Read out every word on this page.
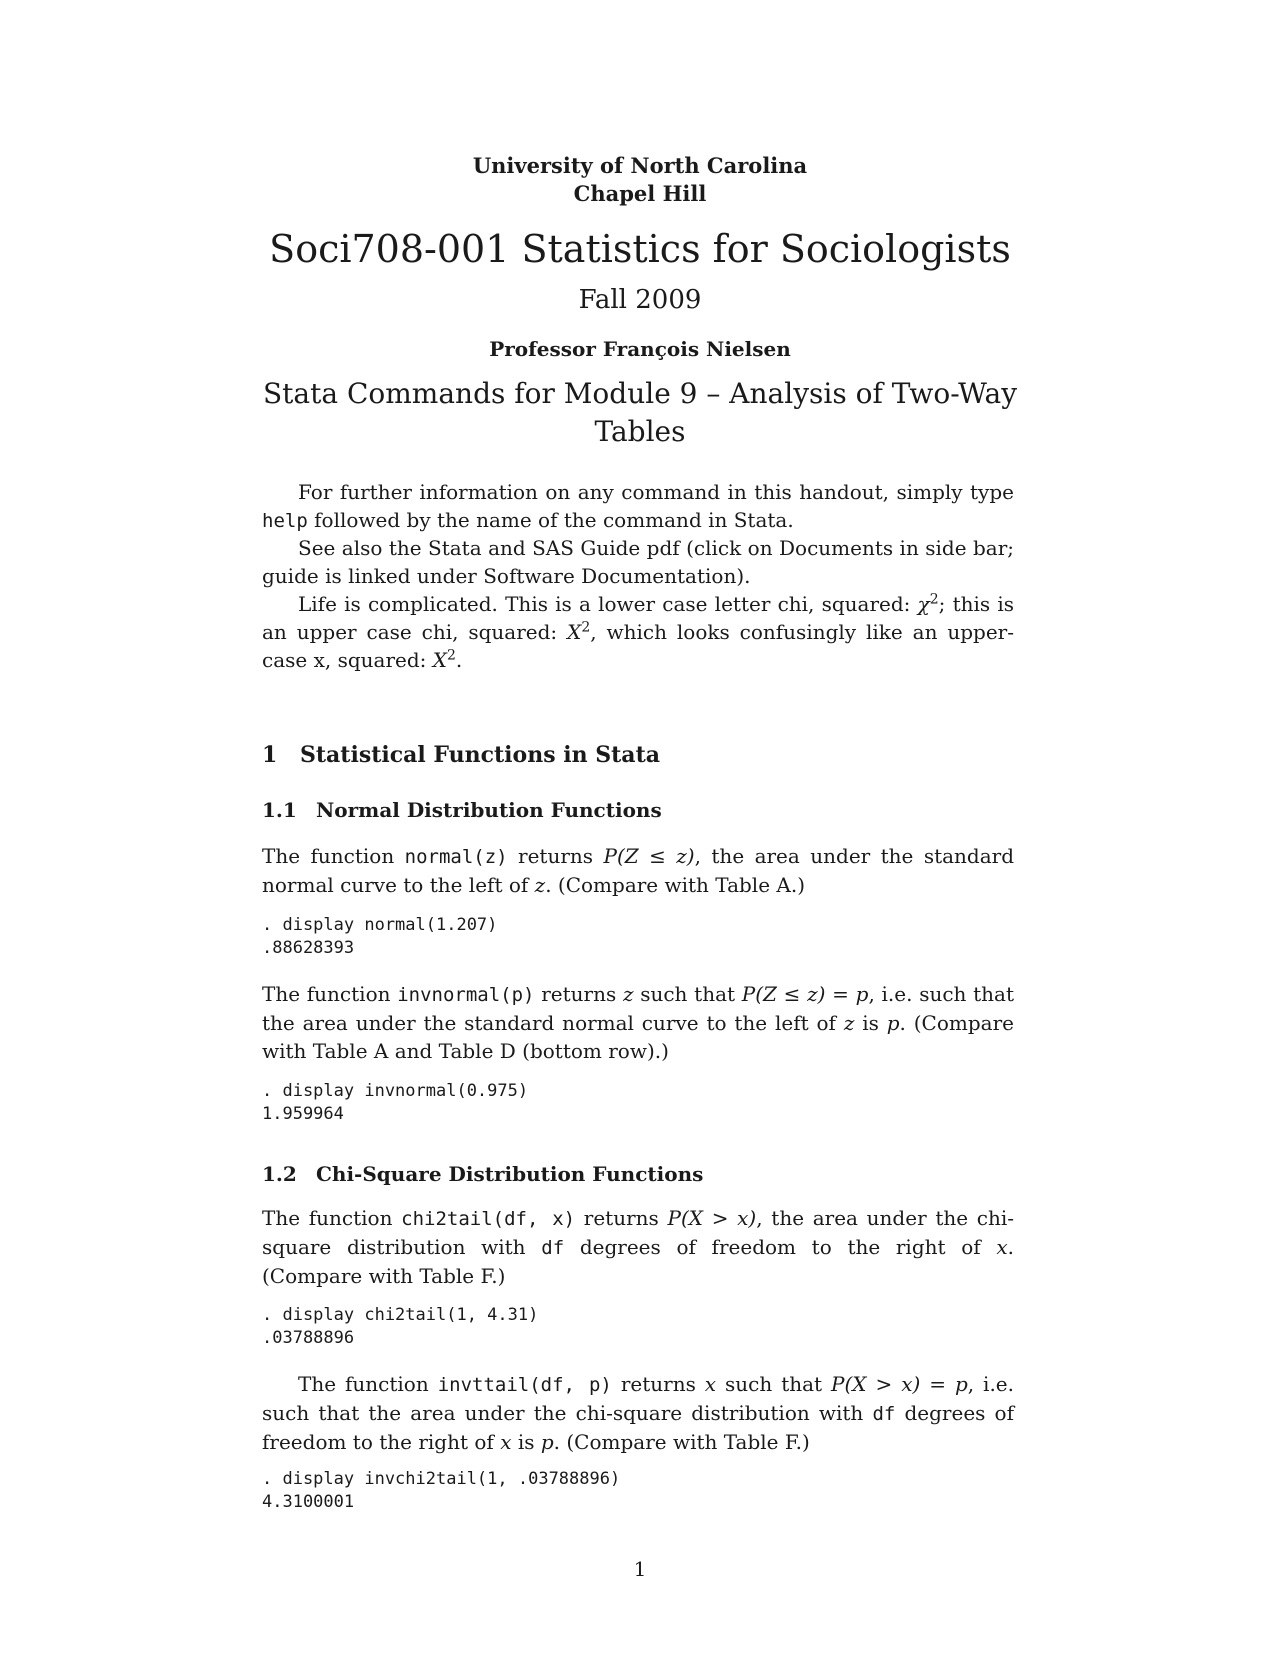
University of North Carolina
Chapel Hill
Soci708-001 Statistics for Sociologists
Fall 2009
Professor François Nielsen
Stata Commands for Module 9 – Analysis of Two-Way
Tables

For further information on any command in this handout, simply type help followed by the name of the command in Stata.

See also the Stata and SAS Guide pdf (click on Documents in side bar; guide is linked under Software Documentation).

Life is complicated. This is a lower case letter chi, squared: $\chi^2$; this is an upper case chi, squared: $X^2$, which looks confusingly like an upper-case x, squared: $X^2$.

1 Statistical Functions in Stata
1.1 Normal Distribution Functions

The function normal(z) returns P(Z ≤ z), the area under the standard normal curve to the left of z. (Compare with Table A.)

. display normal(1.207)
.88628393

The function invnormal(p) returns z such that P(Z ≤ z) = p, i.e. such that the area under the standard normal curve to the left of z is p. (Compare with Table A and Table D (bottom row).)

. display invnormal(0.975)
1.959964
1.2 Chi-Square Distribution Functions

The function chi2tail(df, x) returns P(X > x), the area under the chi-square distribution with df degrees of freedom to the right of x. (Compare with Table F.)

. display chi2tail(1, 4.31)
.03788896

The function invttail(df, p) returns x such that P(X > x) = p, i.e. such that the area under the chi-square distribution with df degrees of freedom to the right of x is p. (Compare with Table F.)

. display invchi2tail(1, .03788896)
4.3100001
1
